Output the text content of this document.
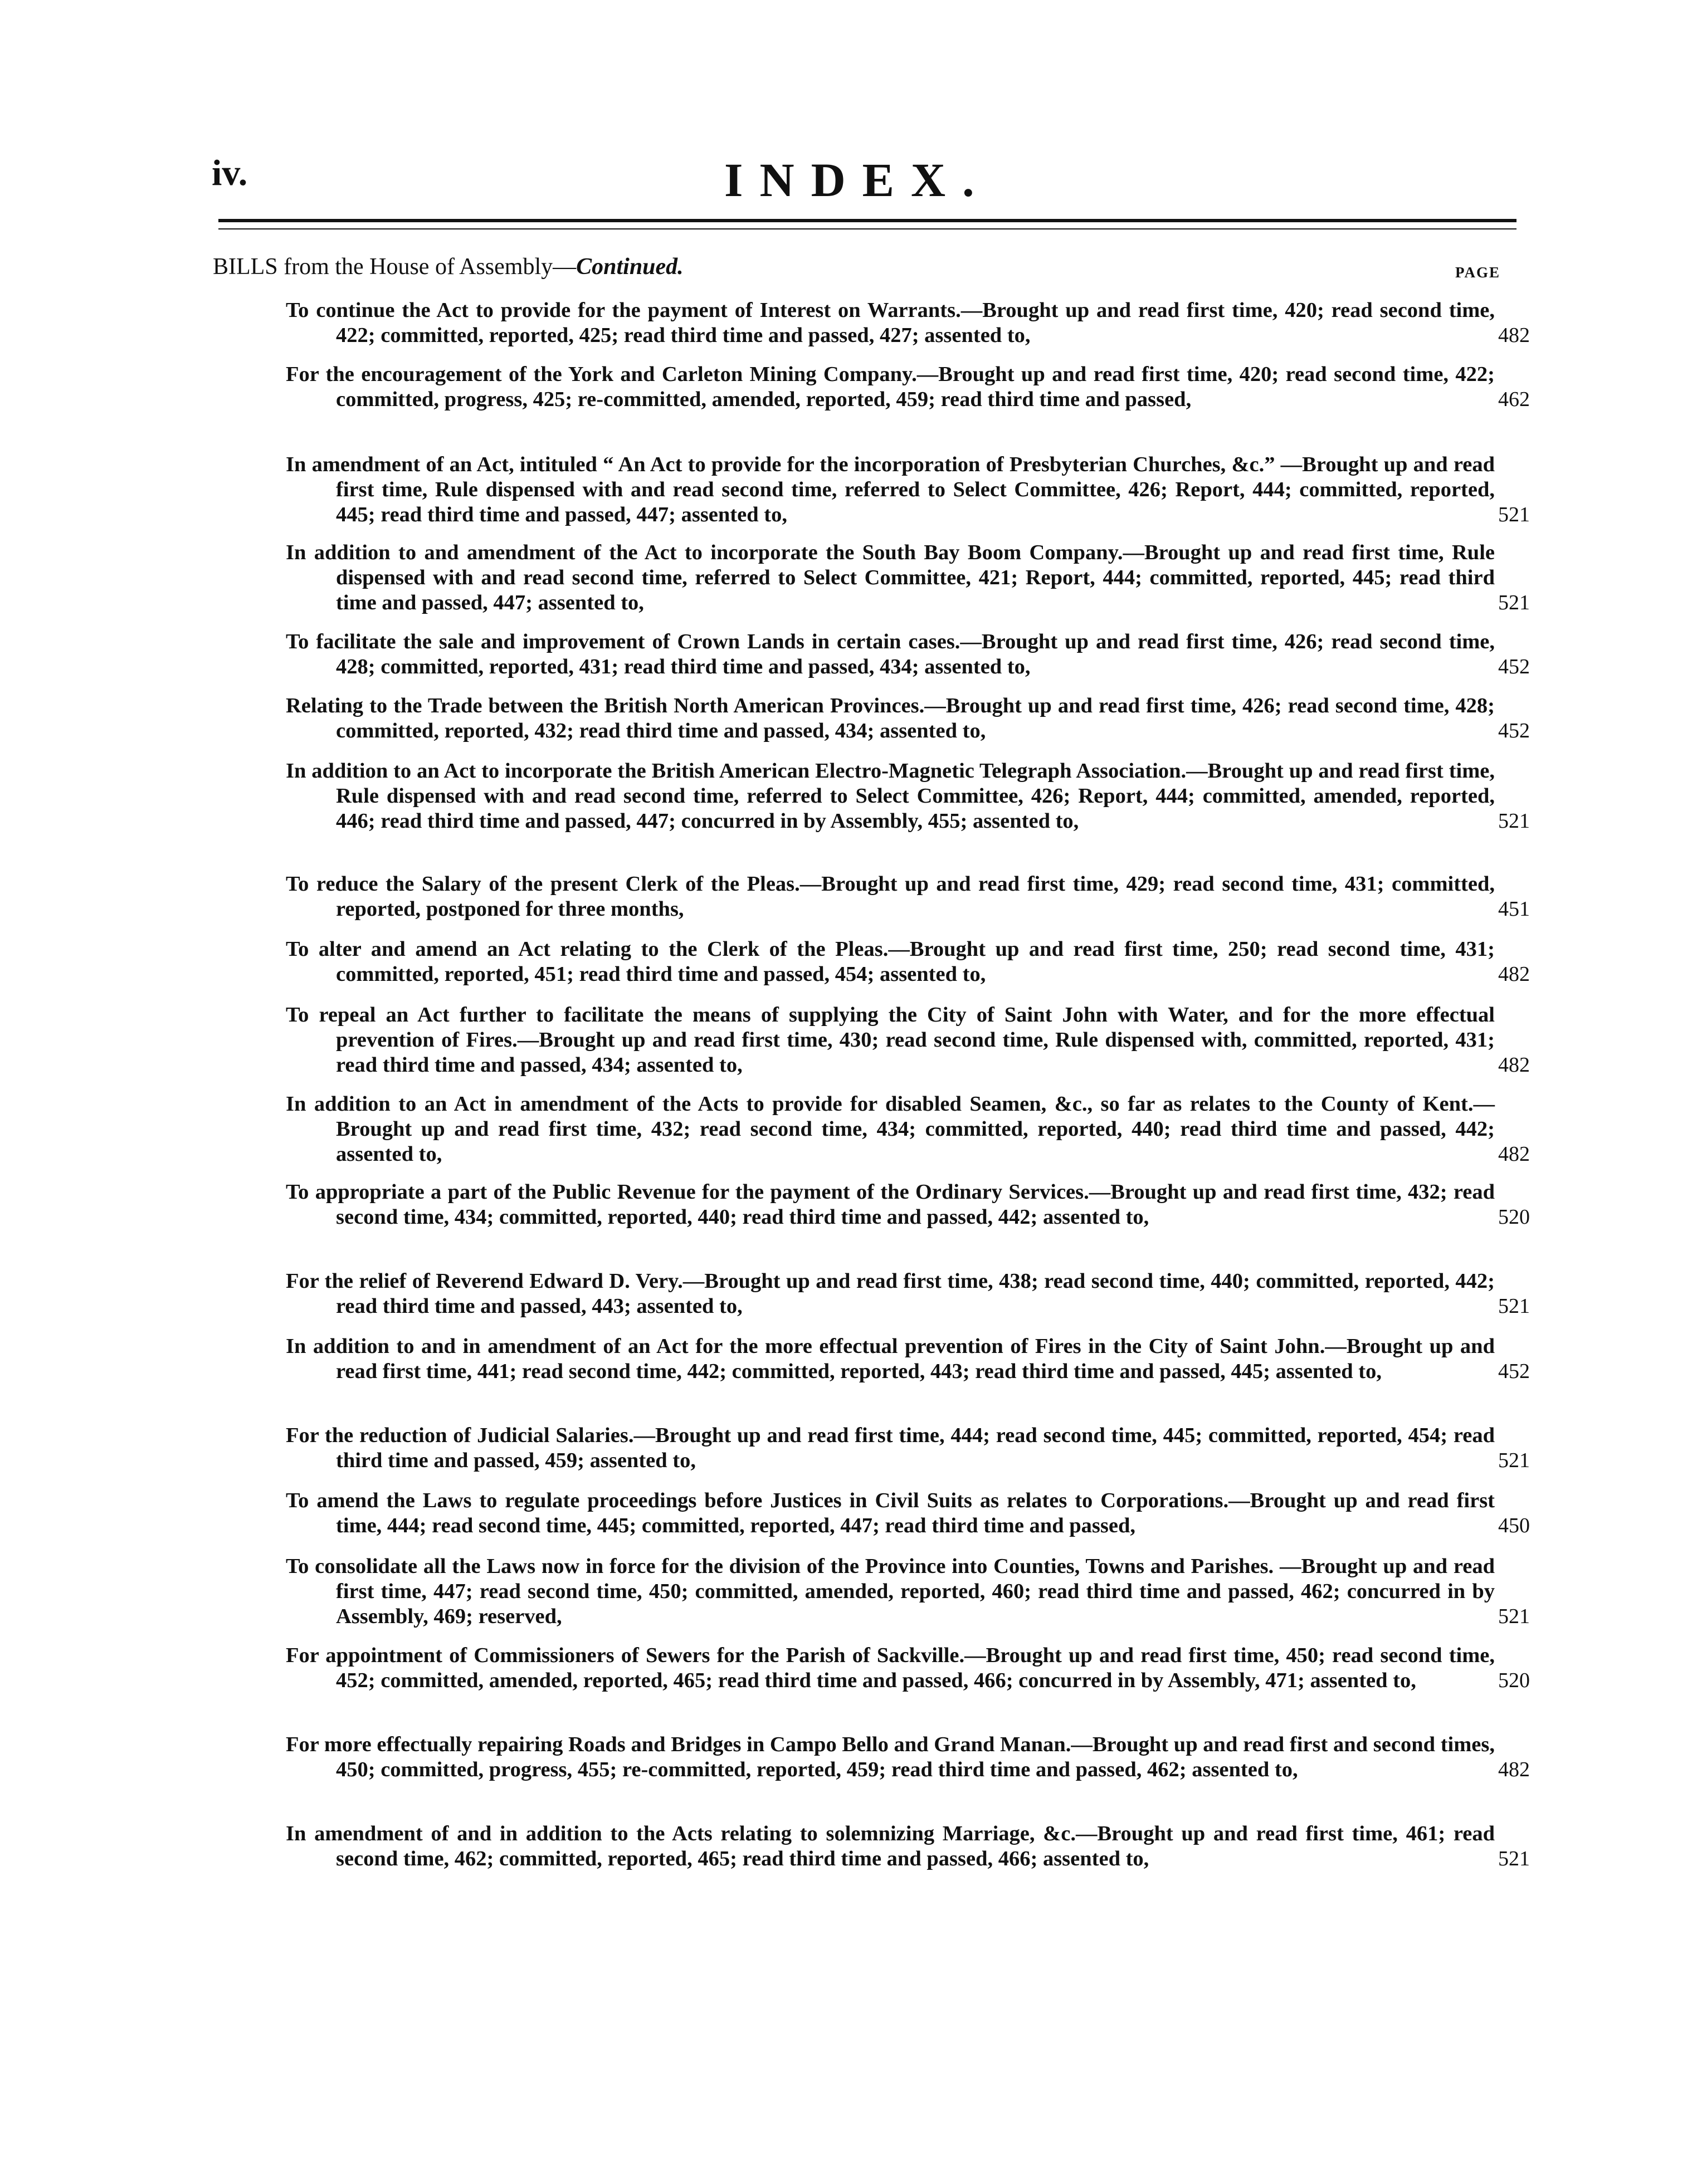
iv.	INDEX.
BILLS from the House of Assembly—Continued.	PAGE
To continue the Act to provide for the payment of Interest on Warrants.—Brought up and read first time, 420; read second time, 422; committed, reported, 425; read third time and passed, 427; assented to,	482
For the encouragement of the York and Carleton Mining Company.—Brought up and read first time, 420; read second time, 422; committed, progress, 425; re-committed, amended, reported, 459; read third time and passed,	462
In amendment of an Act, intituled “ An Act to provide for the incorporation of Presbyterian Churches, &c.” —Brought up and read first time, Rule dispensed with and read second time, referred to Select Committee, 426; Report, 444; committed, reported, 445; read third time and passed, 447; assented to,	521
In addition to and amendment of the Act to incorporate the South Bay Boom Company.—Brought up and read first time, Rule dispensed with and read second time, referred to Select Committee, 421; Report, 444; committed, reported, 445; read third time and passed, 447; assented to,	521
To facilitate the sale and improvement of Crown Lands in certain cases.—Brought up and read first time, 426; read second time, 428; committed, reported, 431; read third time and passed, 434; assented to,	452
Relating to the Trade between the British North American Provinces.—Brought up and read first time, 426; read second time, 428; committed, reported, 432; read third time and passed, 434; assented to,	452
In addition to an Act to incorporate the British American Electro-Magnetic Telegraph Association.—Brought up and read first time, Rule dispensed with and read second time, referred to Select Committee, 426; Report, 444; committed, amended, reported, 446; read third time and passed, 447; concurred in by Assembly, 455; assented to,	521
To reduce the Salary of the present Clerk of the Pleas.—Brought up and read first time, 429; read second time, 431; committed, reported, postponed for three months,	451
To alter and amend an Act relating to the Clerk of the Pleas.—Brought up and read first time, 250; read second time, 431; committed, reported, 451; read third time and passed, 454; assented to,	482
To repeal an Act further to facilitate the means of supplying the City of Saint John with Water, and for the more effectual prevention of Fires.—Brought up and read first time, 430; read second time, Rule dispensed with, committed, reported, 431; read third time and passed, 434; assented to,	482
In addition to an Act in amendment of the Acts to provide for disabled Seamen, &c., so far as relates to the County of Kent.—Brought up and read first time, 432; read second time, 434; committed, reported, 440; read third time and passed, 442; assented to,	482
To appropriate a part of the Public Revenue for the payment of the Ordinary Services.—Brought up and read first time, 432; read second time, 434; committed, reported, 440; read third time and passed, 442; assented to,	520
For the relief of Reverend Edward D. Very.—Brought up and read first time, 438; read second time, 440; committed, reported, 442; read third time and passed, 443; assented to,	521
In addition to and in amendment of an Act for the more effectual prevention of Fires in the City of Saint John.—Brought up and read first time, 441; read second time, 442; committed, reported, 443; read third time and passed, 445; assented to,	452
For the reduction of Judicial Salaries.—Brought up and read first time, 444; read second time, 445; committed, reported, 454; read third time and passed, 459; assented to,	521
To amend the Laws to regulate proceedings before Justices in Civil Suits as relates to Corporations.—Brought up and read first time, 444; read second time, 445; committed, reported, 447; read third time and passed,	450
To consolidate all the Laws now in force for the division of the Province into Counties, Towns and Parishes. —Brought up and read first time, 447; read second time, 450; committed, amended, reported, 460; read third time and passed, 462; concurred in by Assembly, 469; reserved,	521
For appointment of Commissioners of Sewers for the Parish of Sackville.—Brought up and read first time, 450; read second time, 452; committed, amended, reported, 465; read third time and passed, 466; concurred in by Assembly, 471; assented to,	520
For more effectually repairing Roads and Bridges in Campo Bello and Grand Manan.—Brought up and read first and second times, 450; committed, progress, 455; re-committed, reported, 459; read third time and passed, 462; assented to,	482
In amendment of and in addition to the Acts relating to solemnizing Marriage, &c.—Brought up and read first time, 461; read second time, 462; committed, reported, 465; read third time and passed, 466; assented to,	521
